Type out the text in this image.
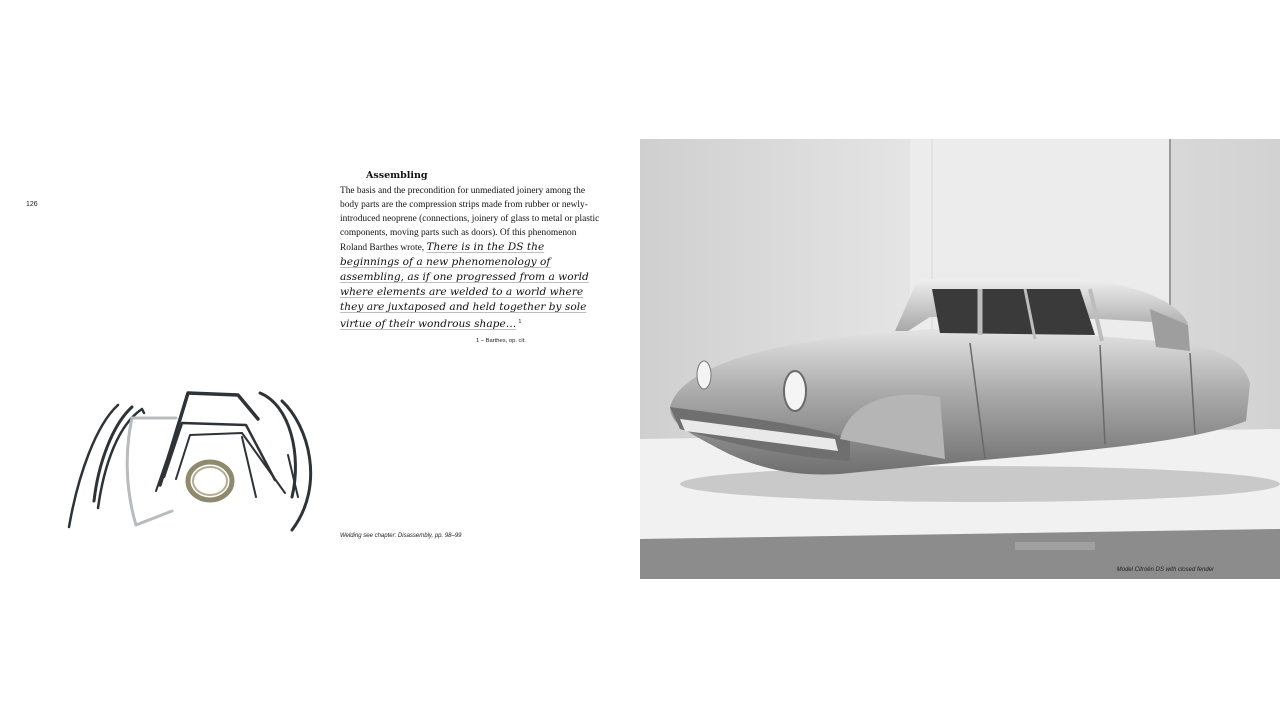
126
Assembling

The basis and the precondition for unmediated joinery among the body parts are the compression strips made from rubber or newly-introduced neoprene (connections, joinery of glass to metal or plastic components, moving parts such as doors). Of this phenomenon Roland Barthes wrote, There is in the DS the beginnings of a new phenomenology of assembling, as if one progressed from a world where elements are welded to a world where they are juxtaposed and held together by sole virtue of their wondrous shape… $^1$

1 – Barthes, op. cit.
Welding see chapter: Disassembly, pp. 98–99
Model Citroën DS with closed fender
